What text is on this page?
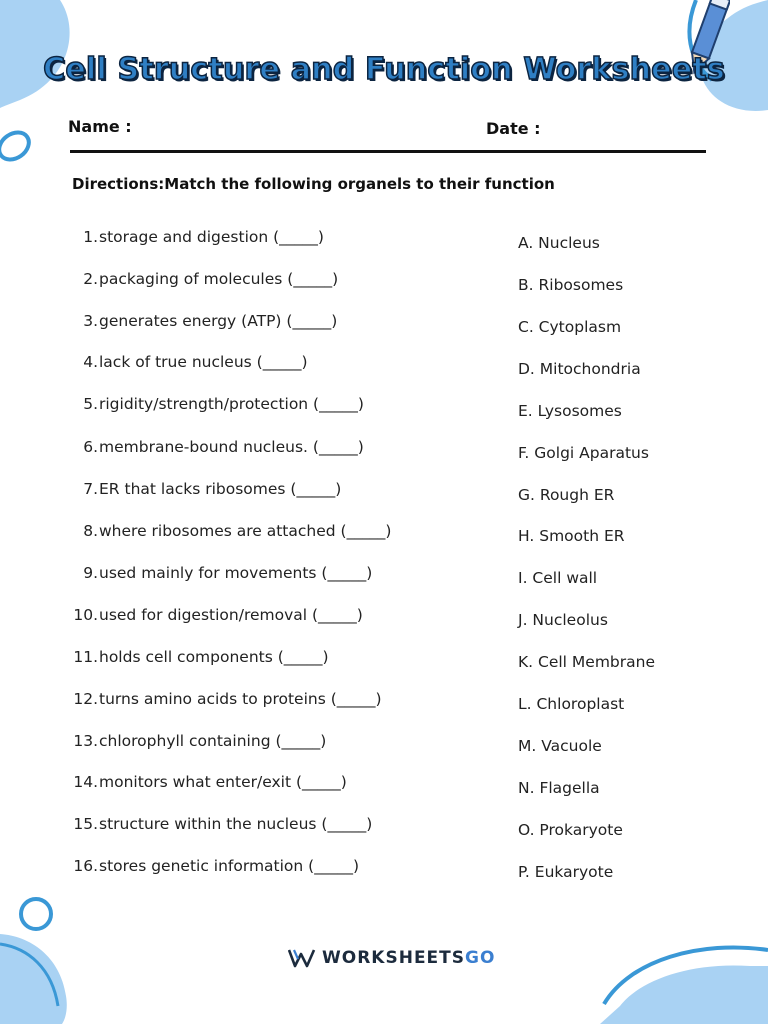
Cell Structure and Function Worksheets
Name :	Date :
Directions:Match the following organels to their function
1.storage and digestion (_____)
2.packaging of molecules (_____)
3.generates energy (ATP) (_____)
4.lack of true nucleus (_____)
5.rigidity/strength/protection (_____)
6.membrane-bound nucleus. (_____)
7.ER that lacks ribosomes (_____)
8.where ribosomes are attached (_____)
9.used mainly for movements (_____)
10.used for digestion/removal (_____)
11.holds cell components (_____)
12.turns amino acids to proteins (_____)
13.chlorophyll containing (_____)
14.monitors what enter/exit (_____)
15.structure within the nucleus (_____)
16.stores genetic information (_____)
A. Nucleus
B. Ribosomes
C. Cytoplasm
D. Mitochondria
E. Lysosomes
F. Golgi Aparatus
G. Rough ER
H. Smooth ER
I. Cell wall
J. Nucleolus
K. Cell Membrane
L. Chloroplast
M. Vacuole
N. Flagella
O. Prokaryote
P. Eukaryote
WORKSHEETSGO
